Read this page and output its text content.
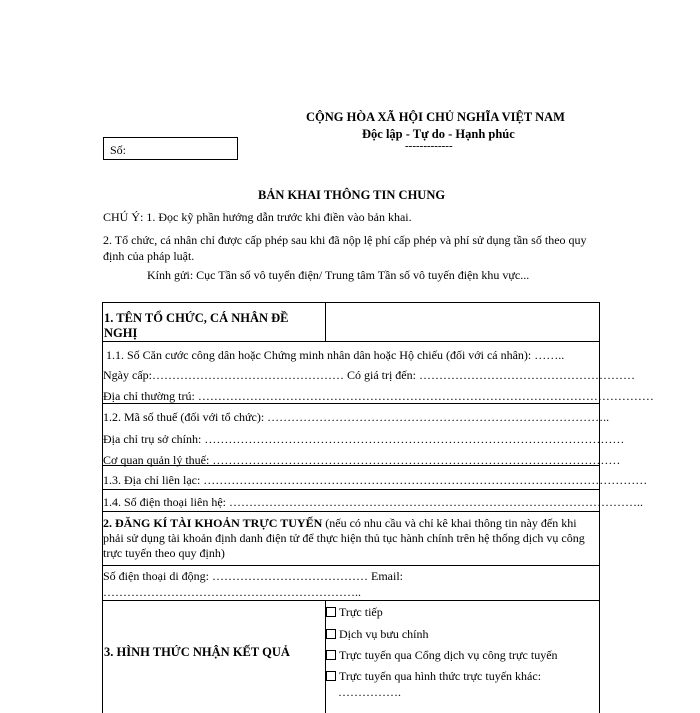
CỘNG HÒA XÃ HỘI CHỦ NGHĨA VIỆT NAM
Độc lập - Tự do - Hạnh phúc
-------------
Số:
BẢN KHAI THÔNG TIN CHUNG
CHÚ Ý: 1. Đọc kỹ phần hướng dẫn trước khi điền vào bản khai.
2. Tổ chức, cá nhân chỉ được cấp phép sau khi đã nộp lệ phí cấp phép và phí sử dụng tần số theo quy định của pháp luật.
Kính gửi: Cục Tần số vô tuyến điện/ Trung tâm Tần số vô tuyến điện khu vực...
1. TÊN TỔ CHỨC, CÁ NHÂN ĐỀ NGHỊ
1.1. Số Căn cước công dân hoặc Chứng minh nhân dân hoặc Hộ chiếu (đối với cá nhân): ……..
Ngày cấp:………………………………………… Có giá trị đến: ………………………………………………
Địa chỉ thường trú: ……………………………………………………………………………………………………
1.2. Mã số thuế (đối với tổ chức): …………………………………………………………………………..
Địa chỉ trụ sở chính: ……………………………………………………………………………………………
Cơ quan quản lý thuế: …………………………………………………………………………………………
1.3. Địa chỉ liên lạc: …………………………………………………………………………………………………
1.4. Số điện thoại liên hệ: …………………………………………………………………………………………..
2. ĐĂNG KÍ TÀI KHOẢN TRỰC TUYẾN (nếu có nhu cầu và chỉ kê khai thông tin này đến khi phải sử dụng tài khoản định danh điện tử để thực hiện thủ tục hành chính trên hệ thống dịch vụ công trực tuyến theo quy định)
Số điện thoại di động: ………………………………… Email:
………………………………………………………..
3. HÌNH THỨC NHẬN KẾT QUẢ
Trực tiếp
Dịch vụ bưu chính
Trực tuyến qua Cổng dịch vụ công trực tuyến
Trực tuyến qua hình thức trực tuyến khác:
…………….
